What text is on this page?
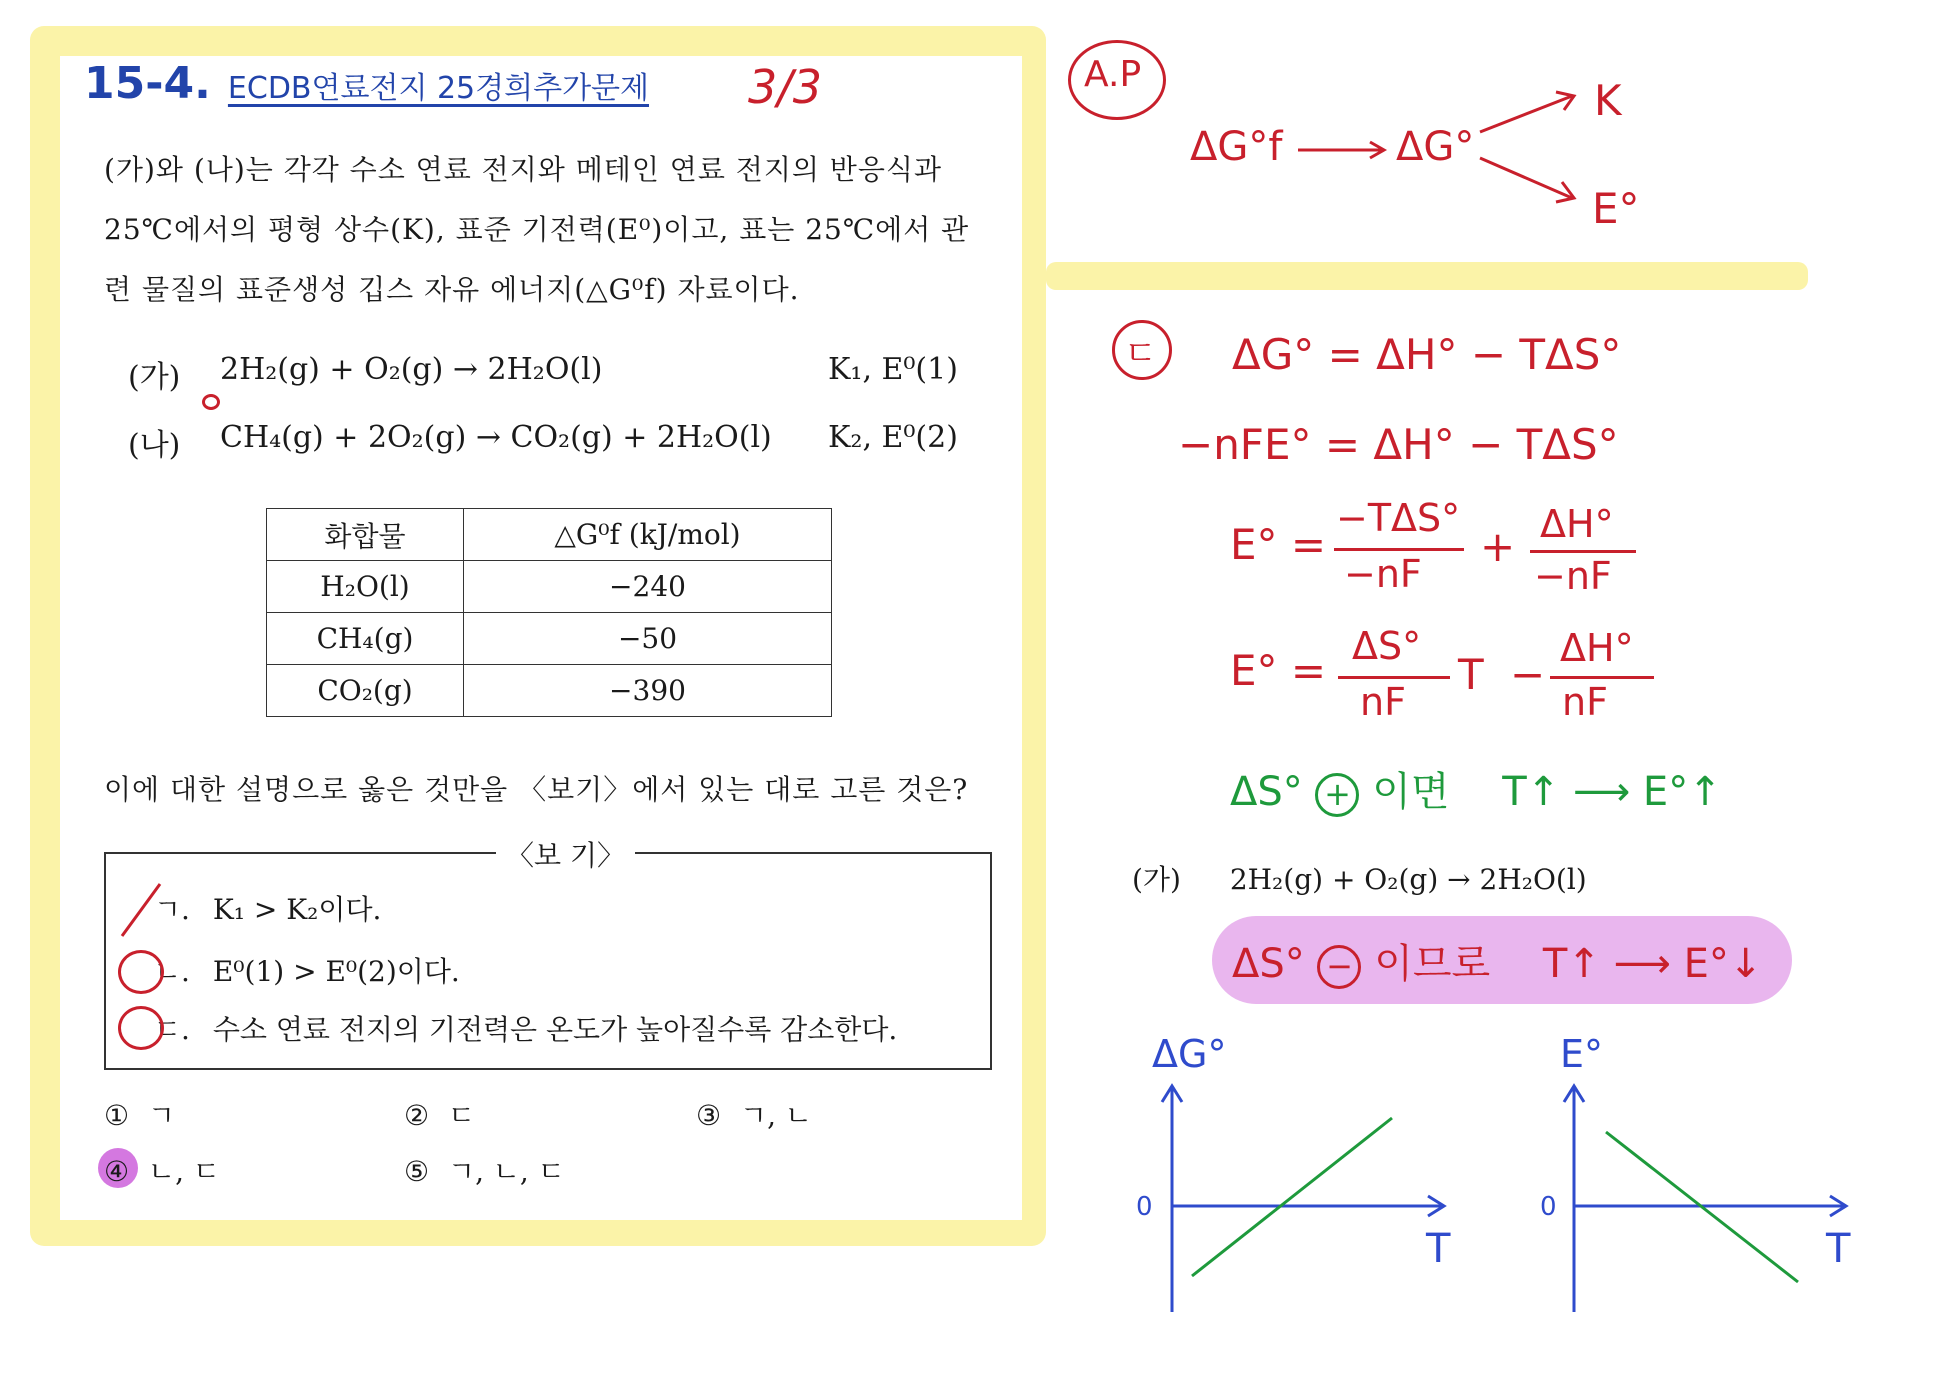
15-4. ECDB연료전지 25경희추가문제 3/3

(가)와 (나)는 각각 수소 연료 전지와 메테인 연료 전지의 반응식과

25℃에서의 평형 상수(K), 표준 기전력(E⁰)이고, 표는 25℃에서 관

련 물질의 표준생성 깁스 자유 에너지(△G⁰f) 자료이다.

(가) 2H₂(g) + O₂(g) → 2H₂O(l)	K₁, E⁰(1)
(나) CH₄(g) + 2O₂(g) → CO₂(g) + 2H₂O(l) K₂, E⁰(2)
화합물	△G⁰f (kJ/mol)
H₂O(l)	−240
CH₄(g)	−50
CO₂(g)	−390
이에 대한 설명으로 옳은 것만을 〈보기〉에서 있는 대로 고른 것은?
〈보 기〉
ㄱ. K₁ > K₂이다.
ㄴ. E⁰(1) > E⁰(2)이다.
ㄷ. 수소 연료 전지의 기전력은 온도가 높아질수록 감소한다.
① ㄱ	② ㄷ	③ ㄱ, ㄴ
④ ㄴ, ㄷ	⑤ ㄱ, ㄴ, ㄷ
A.P
ΔG°f	ΔG°
K
E°
ㄷ ΔG° = ΔH° − TΔS°
−nFE° = ΔH° − TΔS°
E° =
−TΔS°
−nF
+ ΔH°
−nF
E° = ΔS°
nF
T −
ΔH°
nF
ΔS° + 이면 T↑ ⟶ E°↑
(가) 2H₂(g) + O₂(g) → 2H₂O(l)
ΔS° − 이므로 T↑ ⟶ E°↓
ΔG°
0
T
E°
0
T
